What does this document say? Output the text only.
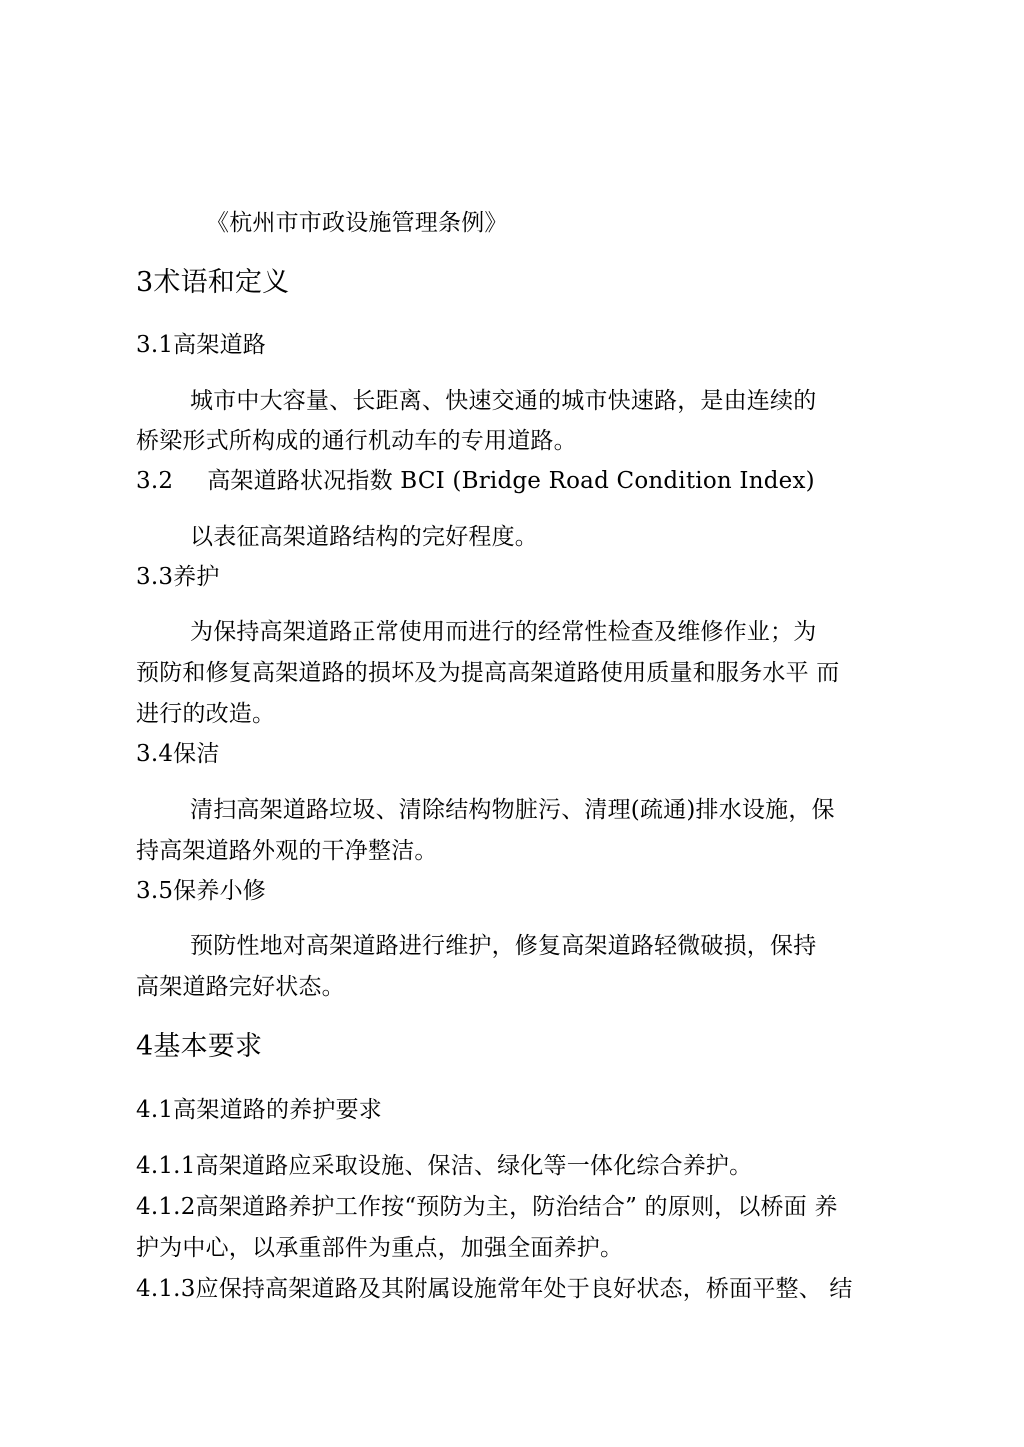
《杭州市市政设施管理条例》
3术语和定义
3.1高架道路
城市中大容量、长距离、快速交通的城市快速路，是由连续的
桥梁形式所构成的通行机动车的专用道路。
3.2 高架道路状况指数 BCI (Bridge Road Condition Index)
以表征高架道路结构的完好程度。
3.3养护
为保持高架道路正常使用而进行的经常性检查及维修作业；为
预防和修复高架道路的损坏及为提高高架道路使用质量和服务水平 而
进行的改造。
3.4保洁
清扫高架道路垃圾、清除结构物脏污、清理(疏通)排水设施，保
持高架道路外观的干净整洁。
3.5保养小修
预防性地对高架道路进行维护，修复高架道路轻微破损，保持
高架道路完好状态。
4基本要求
4.1高架道路的养护要求
4.1.1高架道路应采取设施、保洁、绿化等一体化综合养护。
4.1.2高架道路养护工作按“预防为主，防治结合” 的原则，以桥面 养
护为中心，以承重部件为重点，加强全面养护。
4.1.3应保持高架道路及其附属设施常年处于良好状态，桥面平整、 结
